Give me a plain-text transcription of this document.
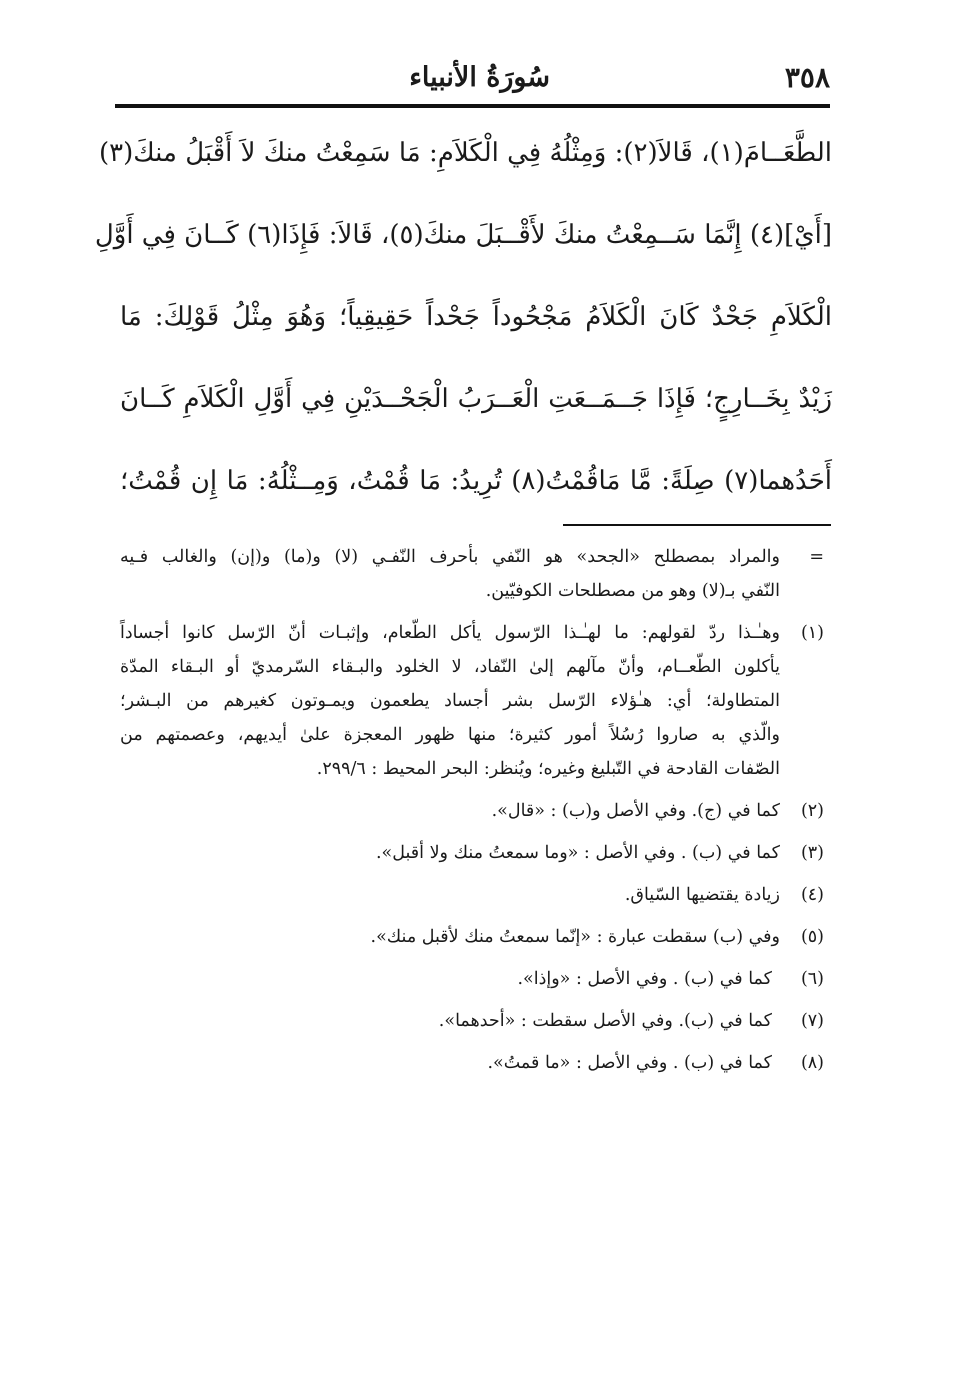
٣٥٨
سُورَةُ الأنبياء
الطَّعَــامَ(١)، قَالاَ(٢): وَمِثْلُهُ فِي الْكَلاَمِ: مَا سَمِعْتُ منكَ لاَ أَقْبَلُ منكَ(٣)
[أَيْ](٤) إِنَّمَا سَــمِعْتُ منكَ لأَقْــبَلَ منكَ(٥)، قَالاَ: فَإِذَا(٦) كَــانَ فِي أَوَّلِ
الْكَلاَمِ جَحْدٌ كَانَ الْكَلاَمُ مَجْحُوداً جَحْداً حَقِيقِياً؛ وَهُوَ مِثْلُ قَوْلِكَ: مَا
زَيْدٌ بِخَــارِجٍ؛ فَإِذَا جَــمَــعَتِ الْعَــرَبُ الْجَحْــدَيْنِ فِي أَوَّلِ الْكَلاَمِ كَــانَ
أَحَدُهما(٧) صِلَةً: مَّا مَاقُمْتُ(٨) تُرِيدُ: مَا قُمْتُ، وَمِــثْلُهُ: مَا إِن قُمْتُ؛
=
والمراد بمصطلح «الجحد» هو النّفي بأحرف النّفـي (لا) و(ما) و(إن) والغالب فـيه
النّفي بـ(لا) وهو من مصطلحات الكوفيّين.
(١)
وهـٰـذا ردّ لقولهم: ما لهـٰـذا الرّسول يأكل الطّعام، وإثبـات أنّ الرّسل كانوا أجساداً
يأكلون الطّعــام، وأنّ مآلهم إلىٰ النّفاد، لا الخلود والبـقاء السّرمديّ أو البـقاء المدّة
المتطاولة؛ أي: هـٰؤلاء الرّسل بشر أجساد يطعمون ويمـوتون كغيرهم من البـشر؛
والّذي به صاروا رُسُلاً أمور كثيرة؛ منها ظهور المعجزة علىٰ أيديهم، وعصمتهم من
الصّفات القادحة في التّبليغ وغيره؛ ويُنظر: البحر المحيط : ٢٩٩/٦.
(٢)
كما في (ج). وفي الأصل و(ب) : «قال».
(٣)
كما في (ب) . وفي الأصل : «وما سمعتُ منك ولا أقبل».
(٤)
زيادة يقتضيها السّياق.
(٥)
وفي (ب) سقطت عبارة : «إنّما سمعتُ منك لأقبل منك».
(٦)
كما في (ب) . وفي الأصل : «وإذا».
(٧)
كما في (ب). وفي الأصل سقطت : «أحدهما».
(٨)
كما في (ب) . وفي الأصل : «ما قمتُ».
